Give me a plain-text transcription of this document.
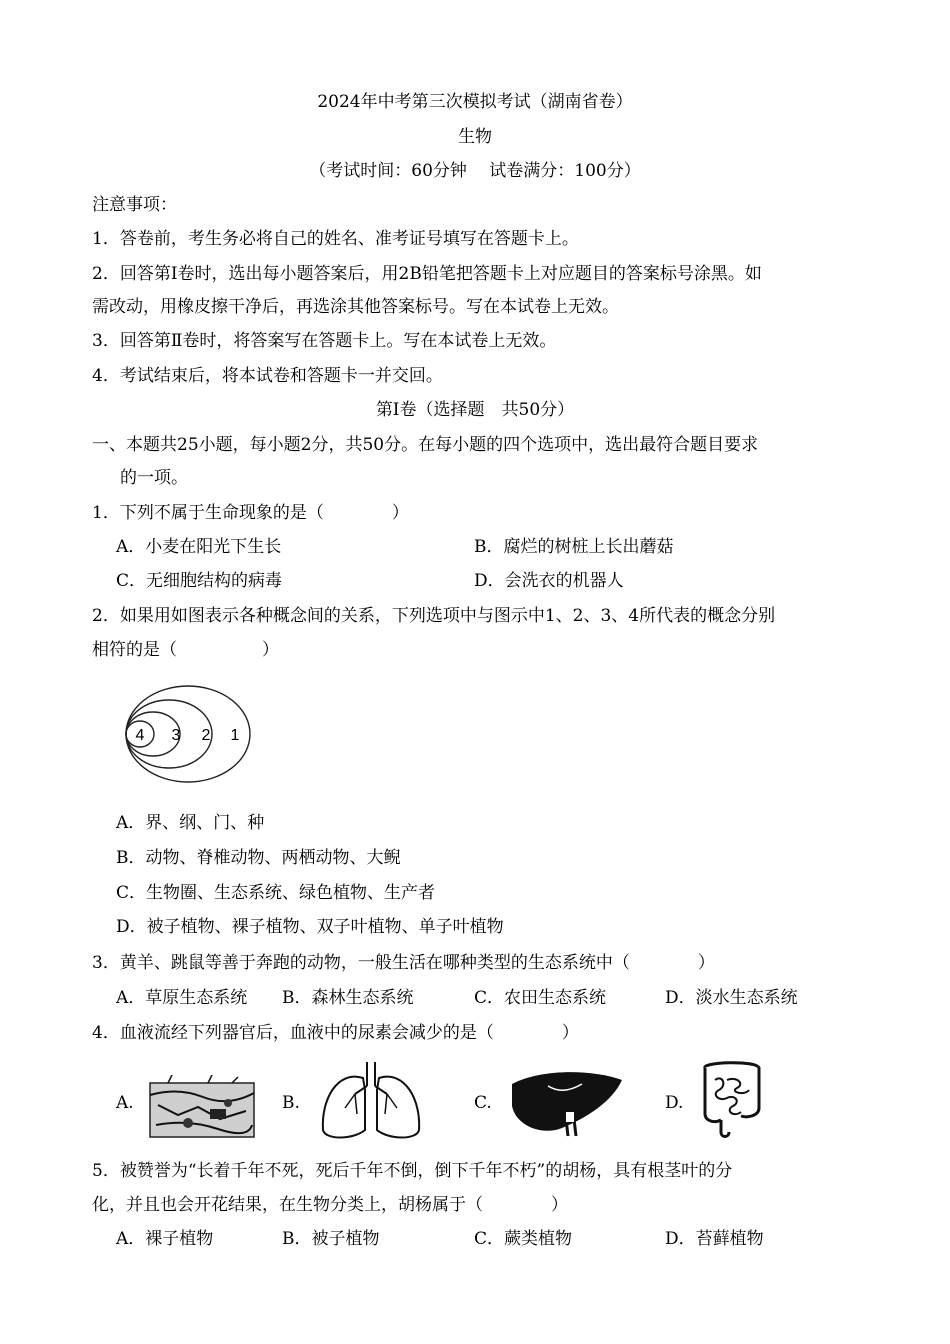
2024年中考第三次模拟考试（湖南省卷）
生物
（考试时间：60分钟　 试卷满分：100分）
注意事项：
1．答卷前，考生务必将自己的姓名、准考证号填写在答题卡上。
2．回答第Ⅰ卷时，选出每小题答案后，用2B铅笔把答题卡上对应题目的答案标号涂黑。如
需改动，用橡皮擦干净后，再选涂其他答案标号。写在本试卷上无效。
3．回答第Ⅱ卷时，将答案写在答题卡上。写在本试卷上无效。
4．考试结束后，将本试卷和答题卡一并交回。
第Ⅰ卷（选择题　共50分）
一、本题共25小题，每小题2分，共50分。在每小题的四个选项中，选出最符合题目要求
的一项。
1．下列不属于生命现象的是（　　　　）
A．小麦在阳光下生长	B．腐烂的树桩上长出蘑菇
C．无细胞结构的病毒	D．会洗衣的机器人
2．如果用如图表示各种概念间的关系，下列选项中与图示中1、2、3、4所代表的概念分别
相符的是（　　　　　）
4 3 2 1
A．界、纲、门、种
B．动物、脊椎动物、两栖动物、大鲵
C．生物圈、生态系统、绿色植物、生产者
D．被子植物、裸子植物、双子叶植物、单子叶植物
3．黄羊、跳鼠等善于奔跑的动物，一般生活在哪种类型的生态系统中（　　　　）
A．草原生态系统 B．森林生态系统	C．农田生态系统	D．淡水生态系统
4．血液流经下列器官后，血液中的尿素会减少的是（　　　　）
A.	B.	C.	D.
5．被赞誉为“长着千年不死，死后千年不倒，倒下千年不朽”的胡杨，具有根茎叶的分
化，并且也会开花结果，在生物分类上，胡杨属于（　　　　）
A．裸子植物	B．被子植物	C．蕨类植物	D．苔藓植物
